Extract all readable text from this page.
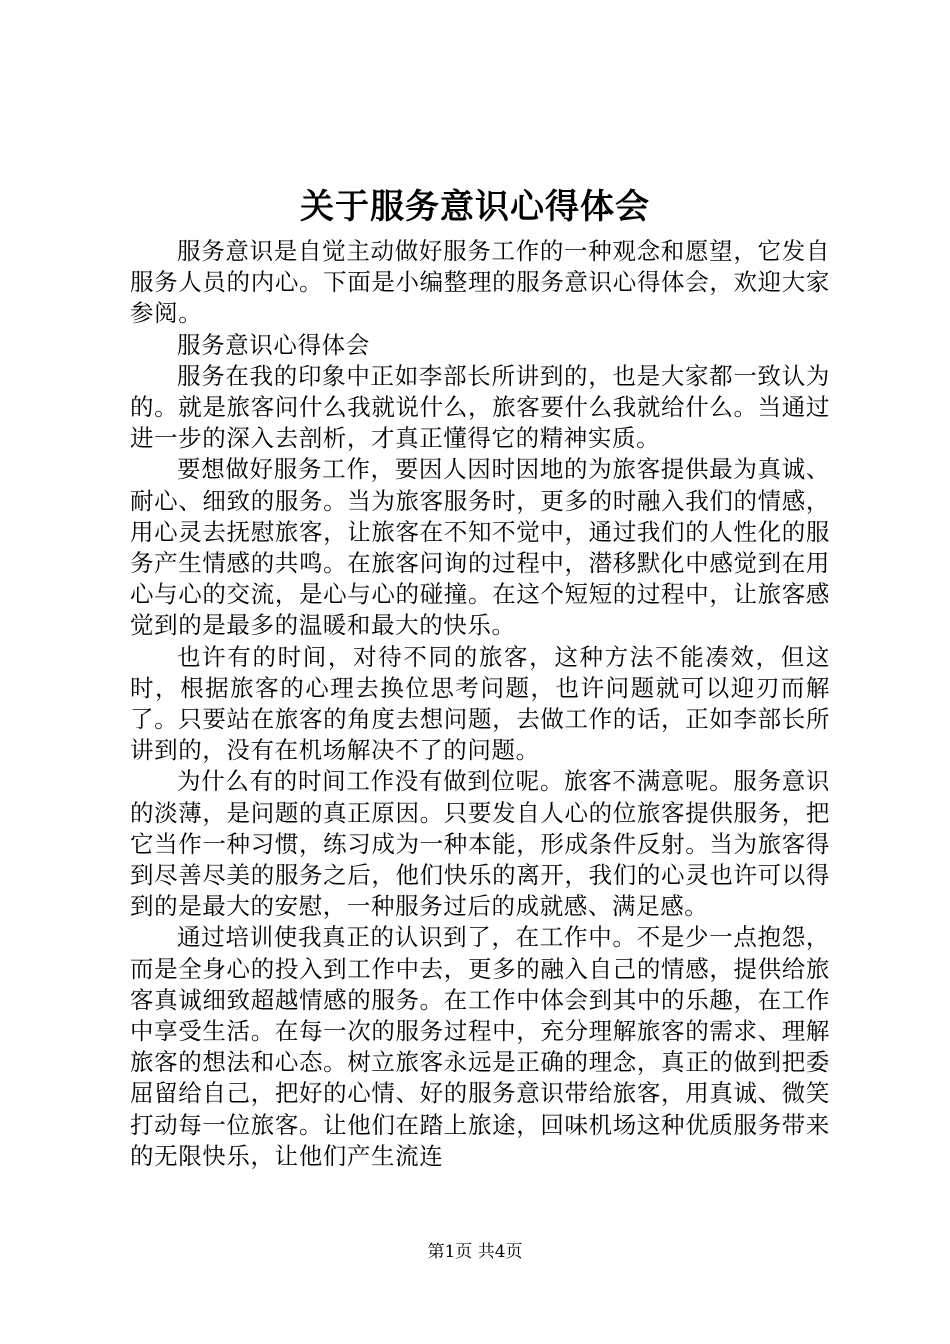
关于服务意识心得体会

服务意识是自觉主动做好服务工作的一种观念和愿望，它发自服务人员的内心。下面是小编整理的服务意识心得体会，欢迎大家参阅。

服务意识心得体会

服务在我的印象中正如李部长所讲到的，也是大家都一致认为的。就是旅客问什么我就说什么，旅客要什么我就给什么。当通过进一步的深入去剖析，才真正懂得它的精神实质。

要想做好服务工作，要因人因时因地的为旅客提供最为真诚、耐心、细致的服务。当为旅客服务时，更多的时融入我们的情感，用心灵去抚慰旅客，让旅客在不知不觉中，通过我们的人性化的服务产生情感的共鸣。在旅客问询的过程中，潜移默化中感觉到在用心与心的交流，是心与心的碰撞。在这个短短的过程中，让旅客感觉到的是最多的温暖和最大的快乐。

也许有的时间，对待不同的旅客，这种方法不能凑效，但这时，根据旅客的心理去换位思考问题，也许问题就可以迎刃而解了。只要站在旅客的角度去想问题，去做工作的话，正如李部长所讲到的，没有在机场解决不了的问题。

为什么有的时间工作没有做到位呢。旅客不满意呢。服务意识的淡薄，是问题的真正原因。只要发自人心的位旅客提供服务，把它当作一种习惯，练习成为一种本能，形成条件反射。当为旅客得到尽善尽美的服务之后，他们快乐的离开，我们的心灵也许可以得到的是最大的安慰，一种服务过后的成就感、满足感。

通过培训使我真正的认识到了，在工作中。不是少一点抱怨，而是全身心的投入到工作中去，更多的融入自己的情感，提供给旅客真诚细致超越情感的服务。在工作中体会到其中的乐趣，在工作中享受生活。在每一次的服务过程中，充分理解旅客的需求、理解旅客的想法和心态。树立旅客永远是正确的理念，真正的做到把委屈留给自己，把好的心情、好的服务意识带给旅客，用真诚、微笑打动每一位旅客。让他们在踏上旅途，回味机场这种优质服务带来的无限快乐，让他们产生流连

第1页 共4页
